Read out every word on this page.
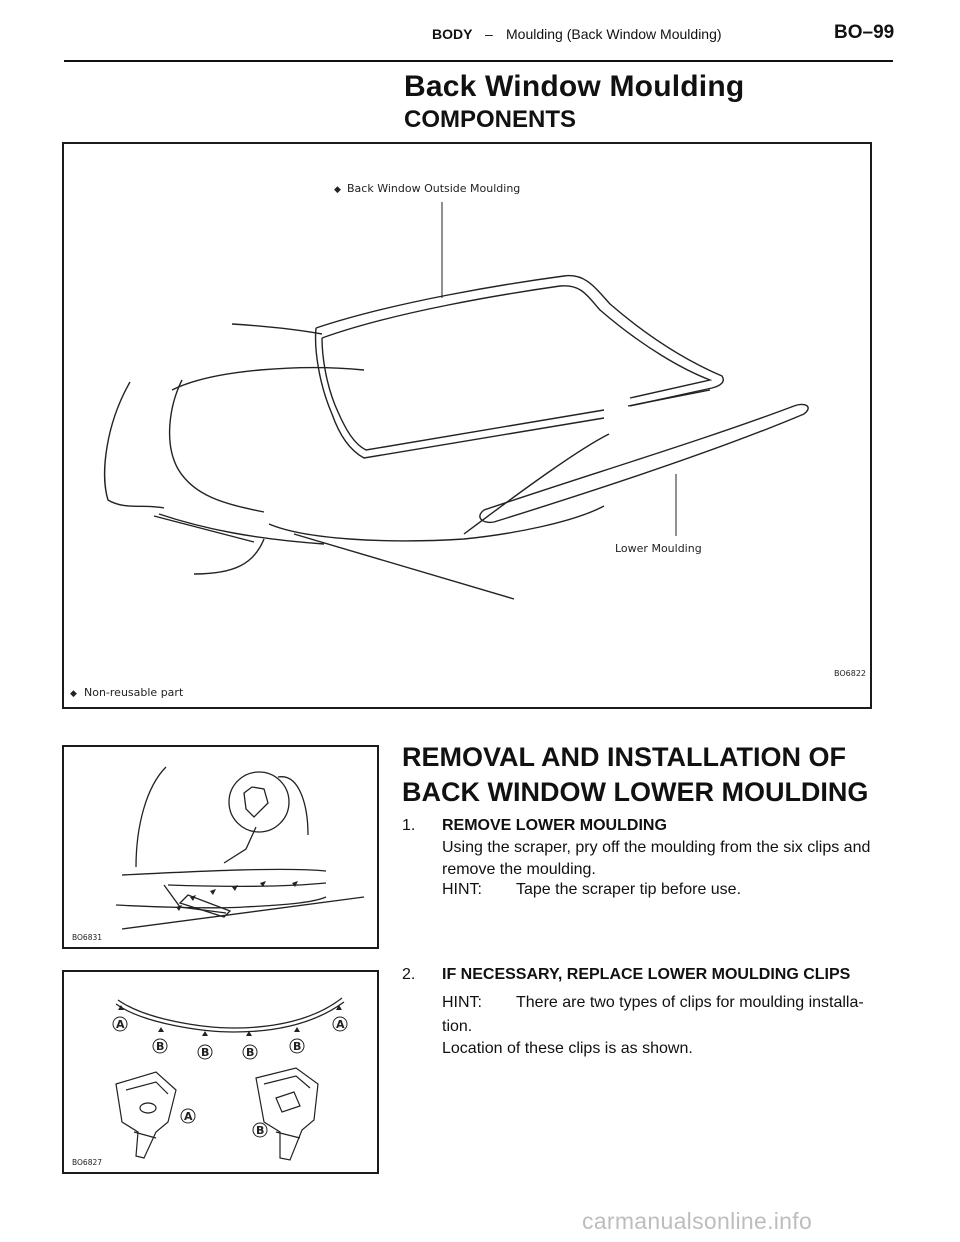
BODY – Moulding (Back Window Moulding)	BO–99
Back Window Moulding
COMPONENTS
◆ Back Window Outside Moulding
Lower Moulding
BO6822
◆ Non-reusable part
BO6831
A
B	B	B	B
A
A
B
BO6827
REMOVAL AND INSTALLATION OF
BACK WINDOW LOWER MOULDING
1. REMOVE LOWER MOULDING
Using the scraper, pry off the moulding from the six clips and
remove the moulding.
HINT: Tape the scraper tip before use.
2. IF NECESSARY, REPLACE LOWER MOULDING CLIPS
HINT: There are two types of clips for moulding installa-
tion.
Location of these clips is as shown.
carmanualsonline.info
